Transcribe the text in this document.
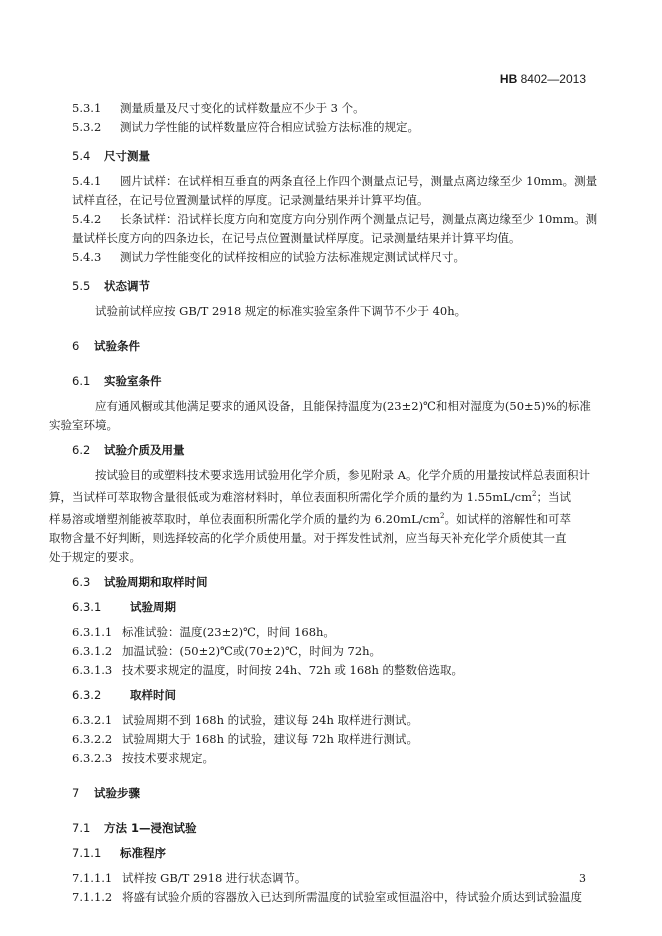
HB 8402—2013
5.3.1 测量质量及尺寸变化的试样数量应不少于 3 个。
5.3.2 测试力学性能的试样数量应符合相应试验方法标准的规定。
5.4 尺寸测量
5.4.1 圆片试样：在试样相互垂直的两条直径上作四个测量点记号，测量点离边缘至少 10mm。测量
试样直径，在记号位置测量试样的厚度。记录测量结果并计算平均值。
5.4.2 长条试样：沿试样长度方向和宽度方向分别作两个测量点记号，测量点离边缘至少 10mm。测
量试样长度方向的四条边长，在记号点位置测量试样厚度。记录测量结果并计算平均值。
5.4.3 测试力学性能变化的试样按相应的试验方法标准规定测试试样尺寸。
5.5 状态调节
试验前试样应按 GB/T 2918 规定的标准实验室条件下调节不少于 40h。
6 试验条件
6.1 实验室条件
应有通风橱或其他满足要求的通风设备，且能保持温度为(23±2)℃和相对湿度为(50±5)%的标准
实验室环境。
6.2 试验介质及用量
按试验目的或塑料技术要求选用试验用化学介质，参见附录 A。化学介质的用量按试样总表面积计
算，当试样可萃取物含量很低或为难溶材料时，单位表面积所需化学介质的量约为 $1.55mL/cm^2$；当试
样易溶或增塑剂能被萃取时，单位表面积所需化学介质的量约为 $6.20mL/cm^2$。如试样的溶解性和可萃
取物含量不好判断，则选择较高的化学介质使用量。对于挥发性试剂，应当每天补充化学介质使其一直
处于规定的要求。
6.3 试验周期和取样时间
6.3.1 试验周期
6.3.1.1 标准试验：温度(23±2)℃，时间 168h。
6.3.1.2 加温试验：(50±2)℃或(70±2)℃，时间为 72h。
6.3.1.3 技术要求规定的温度，时间按 24h、72h 或 168h 的整数倍选取。
6.3.2 取样时间
6.3.2.1 试验周期不到 168h 的试验，建议每 24h 取样进行测试。
6.3.2.2 试验周期大于 168h 的试验，建议每 72h 取样进行测试。
6.3.2.3 按技术要求规定。
7 试验步骤
7.1 方法 1—浸泡试验
7.1.1 标准程序
7.1.1.1 试样按 GB/T 2918 进行状态调节。
7.1.1.2 将盛有试验介质的容器放入已达到所需温度的试验室或恒温浴中，待试验介质达到试验温度
3
